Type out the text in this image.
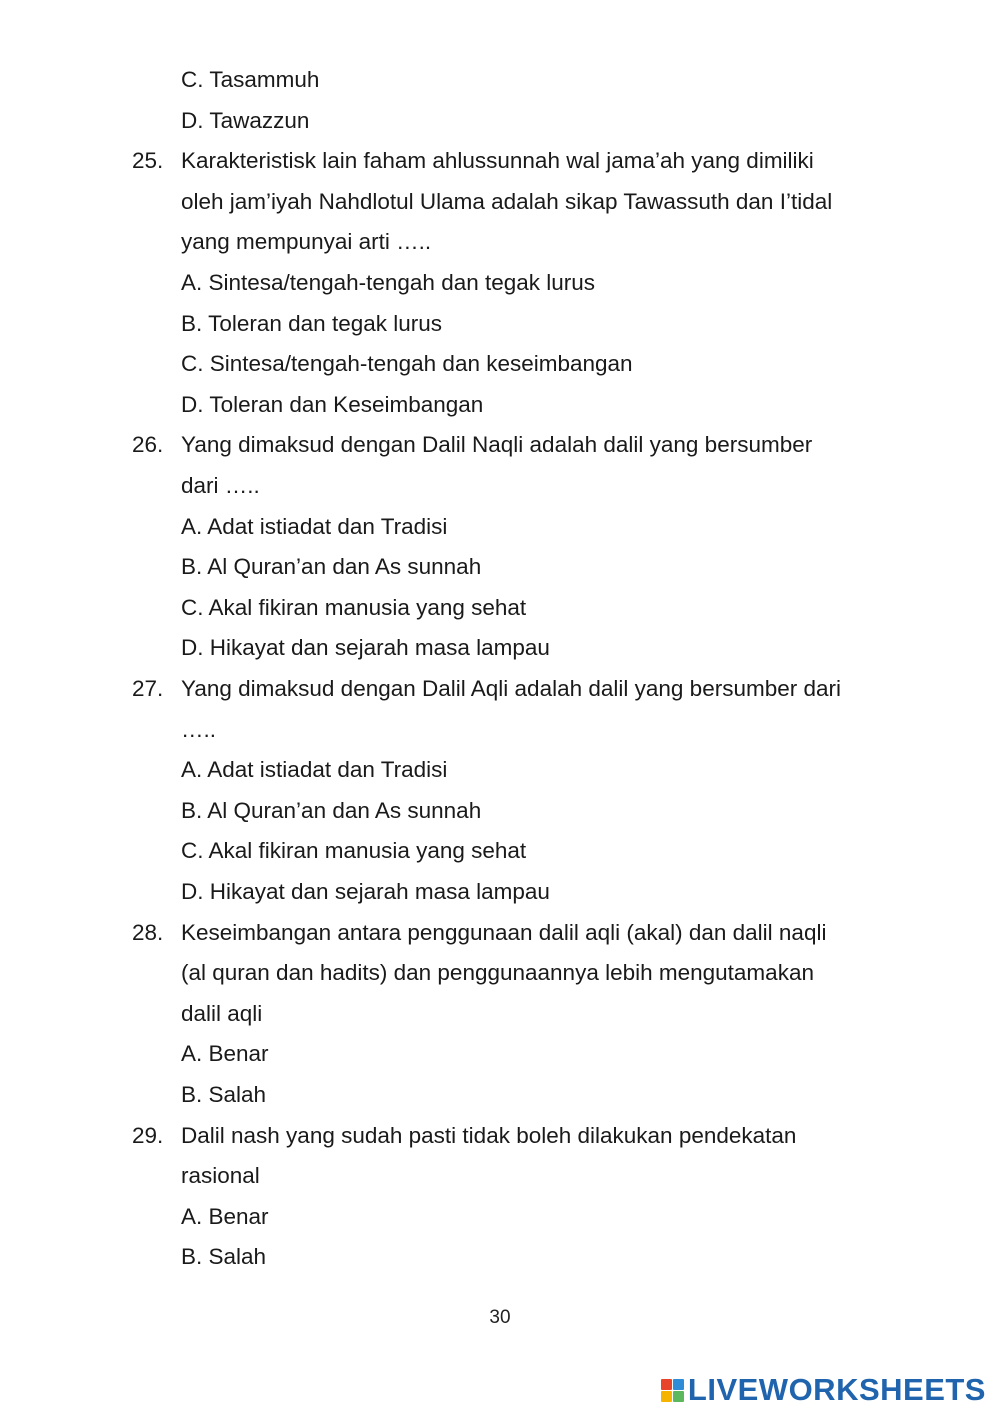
C. Tasammuh
D. Tawazzun
25. Karakteristisk lain faham ahlussunnah wal jama’ah yang dimiliki
oleh jam’iyah Nahdlotul Ulama adalah sikap Tawassuth dan I’tidal
yang mempunyai arti …..
A. Sintesa/tengah-tengah dan tegak lurus
B. Toleran dan tegak lurus
C. Sintesa/tengah-tengah dan keseimbangan
D. Toleran dan Keseimbangan
26. Yang dimaksud dengan Dalil Naqli adalah dalil yang bersumber
dari …..
A. Adat istiadat dan Tradisi
B. Al Quran’an dan As sunnah
C. Akal fikiran manusia yang sehat
D. Hikayat dan sejarah masa lampau
27. Yang dimaksud dengan Dalil Aqli adalah dalil yang bersumber dari
…..
A. Adat istiadat dan Tradisi
B. Al Quran’an dan As sunnah
C. Akal fikiran manusia yang sehat
D. Hikayat dan sejarah masa lampau
28. Keseimbangan antara penggunaan dalil aqli (akal) dan dalil naqli
(al quran dan hadits) dan penggunaannya lebih mengutamakan
dalil aqli
A. Benar
B. Salah
29. Dalil nash yang sudah pasti tidak boleh dilakukan pendekatan
rasional
A. Benar
B. Salah
30
LIVEWORKSHEETS
